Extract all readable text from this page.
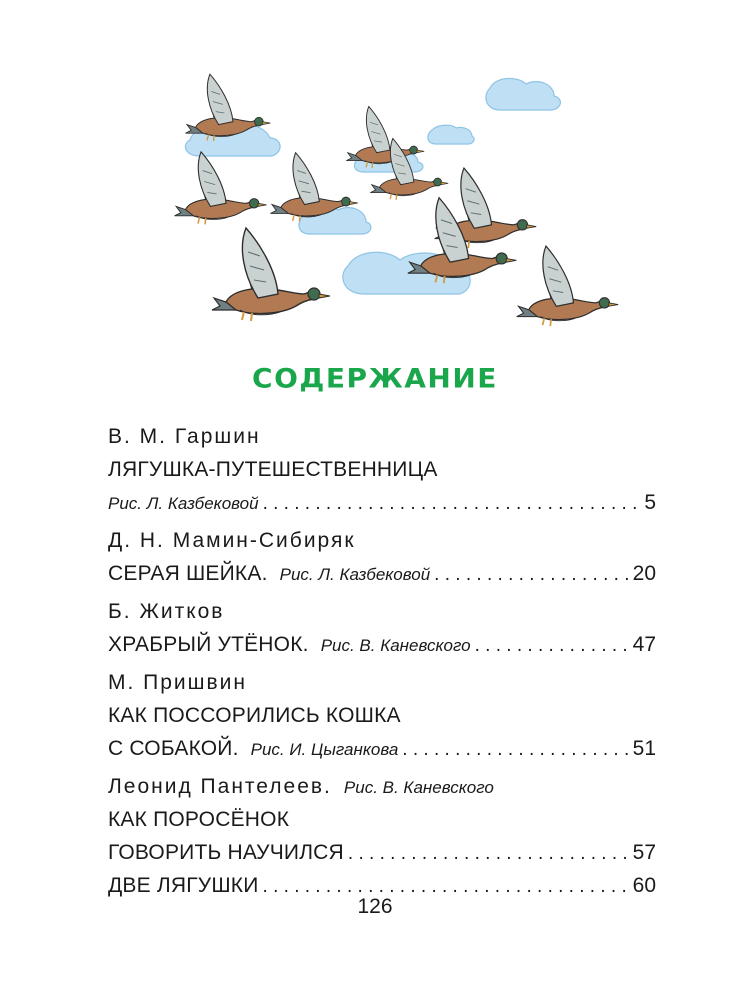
СОДЕРЖАНИЕ
В. М. Гаршин
ЛЯГУШКА-ПУТЕШЕСТВЕННИЦА
Рис. Л. Казбековой . . .	5
Д. Н. Мамин-Сибиряк
СЕРАЯ ШЕЙКА. Рис. Л. Казбековой . . .	20
Б. Житков
ХРАБРЫЙ УТЁНОК. Рис. В. Каневского . . .	47
М. Пришвин
КАК ПОССОРИЛИСЬ КОШКА
С СОБАКОЙ. Рис. И. Цыганкова . . .	51
Леонид Пантелеев. Рис. В. Каневского
КАК ПОРОСЁНОК
ГОВОРИТЬ НАУЧИЛСЯ . . .	57
ДВЕ ЛЯГУШКИ . . .	60
126
